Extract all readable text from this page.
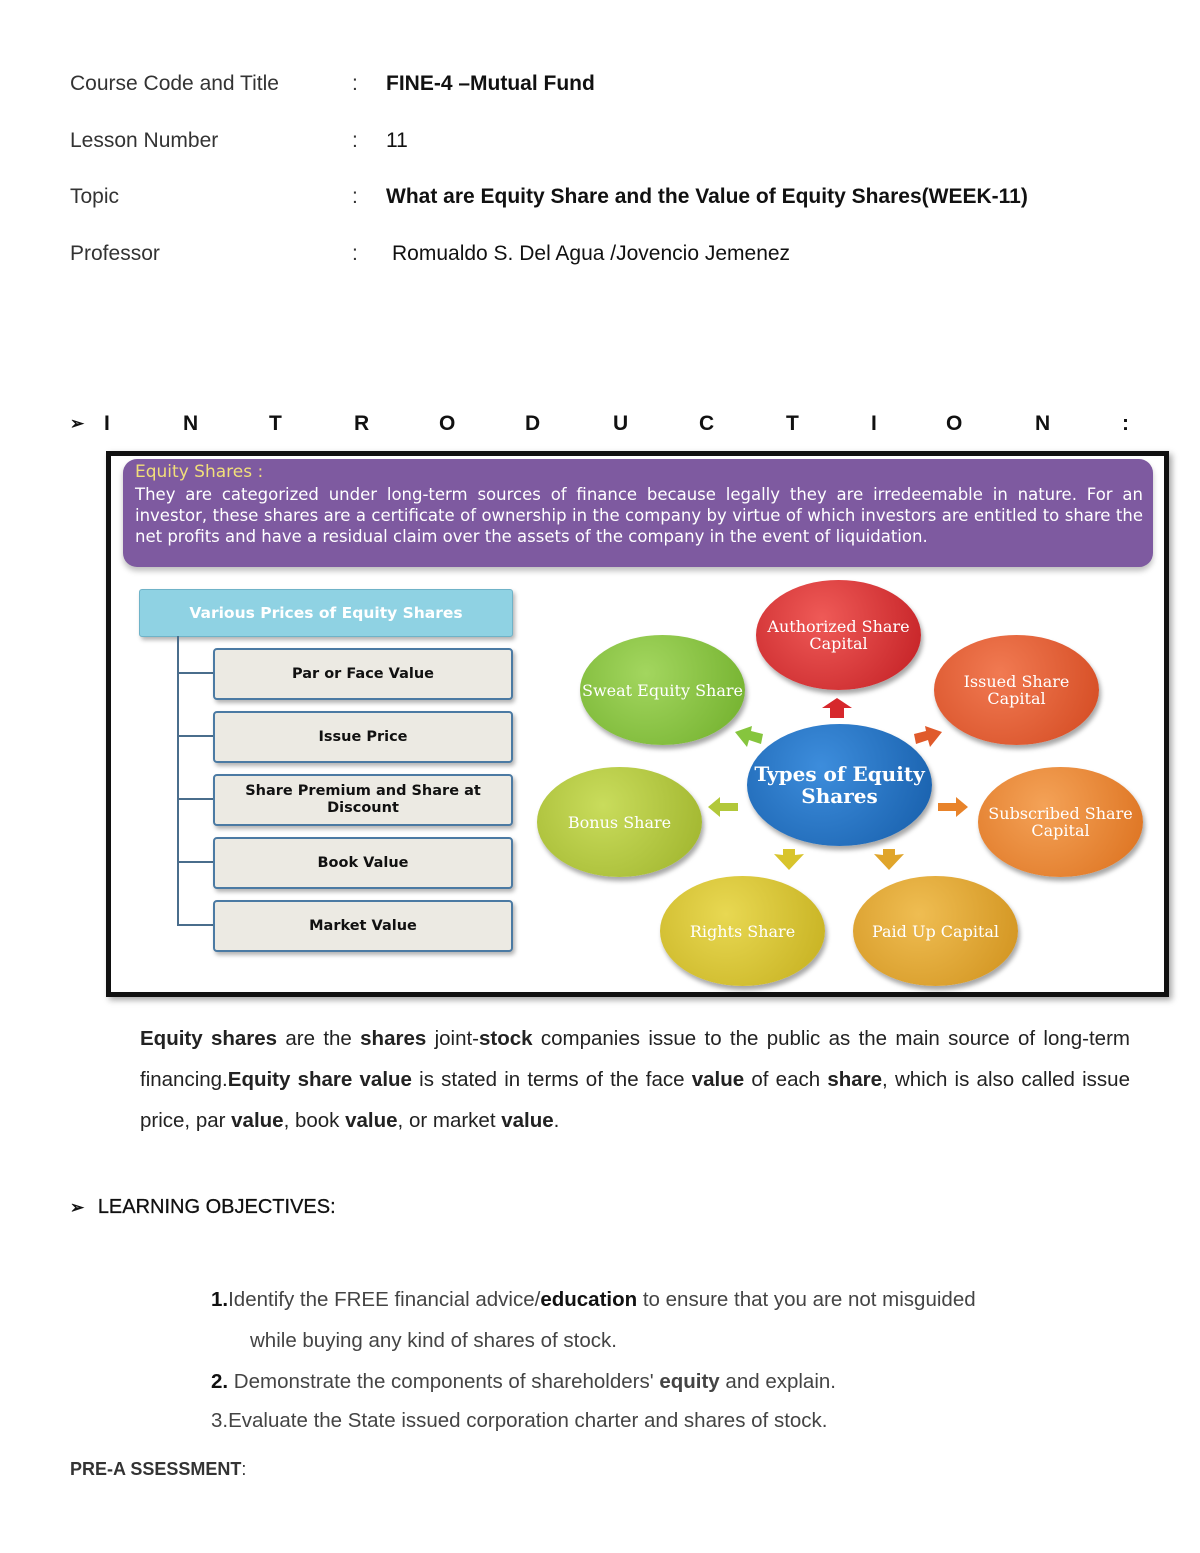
Course Code and Title	: FINE-4 –Mutual Fund
Lesson Number	: 11
Topic	: What are Equity Share and the Value of Equity Shares(WEEK-11)
Professor	: Romualdo S. Del Agua /Jovencio Jemenez
➢ I	N	T	R	O	D	U	C	T	I	O	N	:
Equity Shares :
They are categorized under long-term sources of finance because legally they are irredeemable in nature. For an investor, these shares are a certificate of ownership in the company by virtue of which investors are entitled to share the net profits and have a residual claim over the assets of the company in the event of liquidation.
Various Prices of Equity Shares
Par or Face Value
Issue Price
Share Premium and Share at Discount
Book Value
Market Value
Authorized Share Capital
Issued Share Capital
Subscribed Share Capital
Paid Up Capital
Rights Share
Bonus Share
Sweat Equity Share
Types of Equity Shares
Equity shares are the shares joint-stock companies issue to the public as the main source of long-term financing.Equity share value is stated in terms of the face value of each share, which is also called issue price, par value, book value, or market value.
➢ LEARNING OBJECTIVES:
1.Identify the FREE financial advice/education to ensure that you are not misguided
while buying any kind of shares of stock.
2. Demonstrate the components of shareholders' equity and explain.
3.Evaluate the State issued corporation charter and shares of stock.
PRE-A SSESSMENT:
